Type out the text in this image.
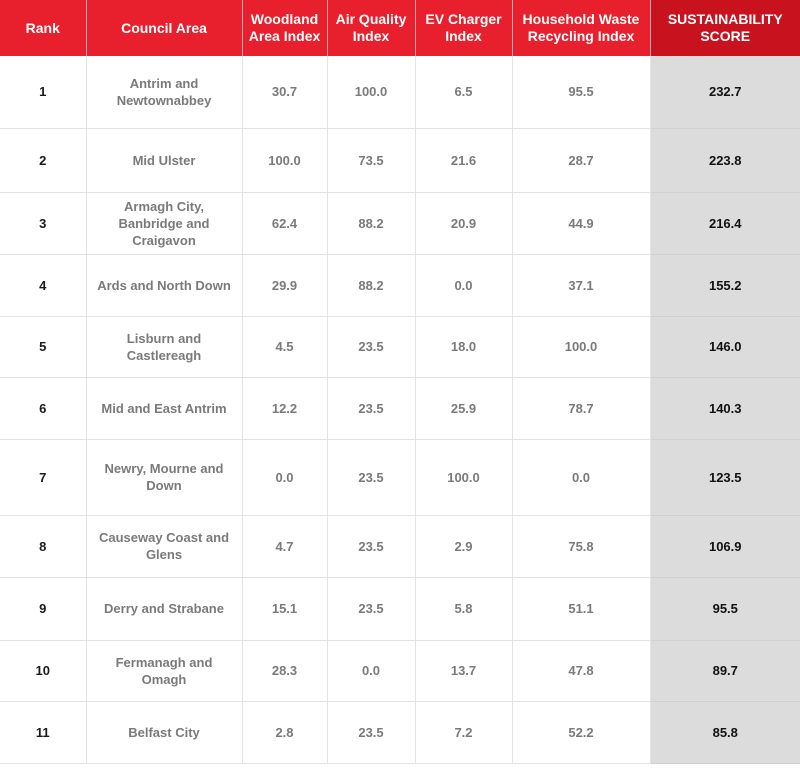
Rank	Council Area	Woodland Area Index	Air Quality Index	EV Charger Index	Household Waste Recycling Index	SUSTAINABILITY SCORE
1	Antrim and Newtownabbey	30.7	100.0	6.5	95.5	232.7
2	Mid Ulster	100.0	73.5	21.6	28.7	223.8
3	Armagh City, Banbridge and Craigavon	62.4	88.2	20.9	44.9	216.4
4	Ards and North Down	29.9	88.2	0.0	37.1	155.2
5	Lisburn and Castlereagh	4.5	23.5	18.0	100.0	146.0
6	Mid and East Antrim	12.2	23.5	25.9	78.7	140.3
7	Newry, Mourne and Down	0.0	23.5	100.0	0.0	123.5
8	Causeway Coast and Glens	4.7	23.5	2.9	75.8	106.9
9	Derry and Strabane	15.1	23.5	5.8	51.1	95.5
10	Fermanagh and Omagh	28.3	0.0	13.7	47.8	89.7
11	Belfast City	2.8	23.5	7.2	52.2	85.8
